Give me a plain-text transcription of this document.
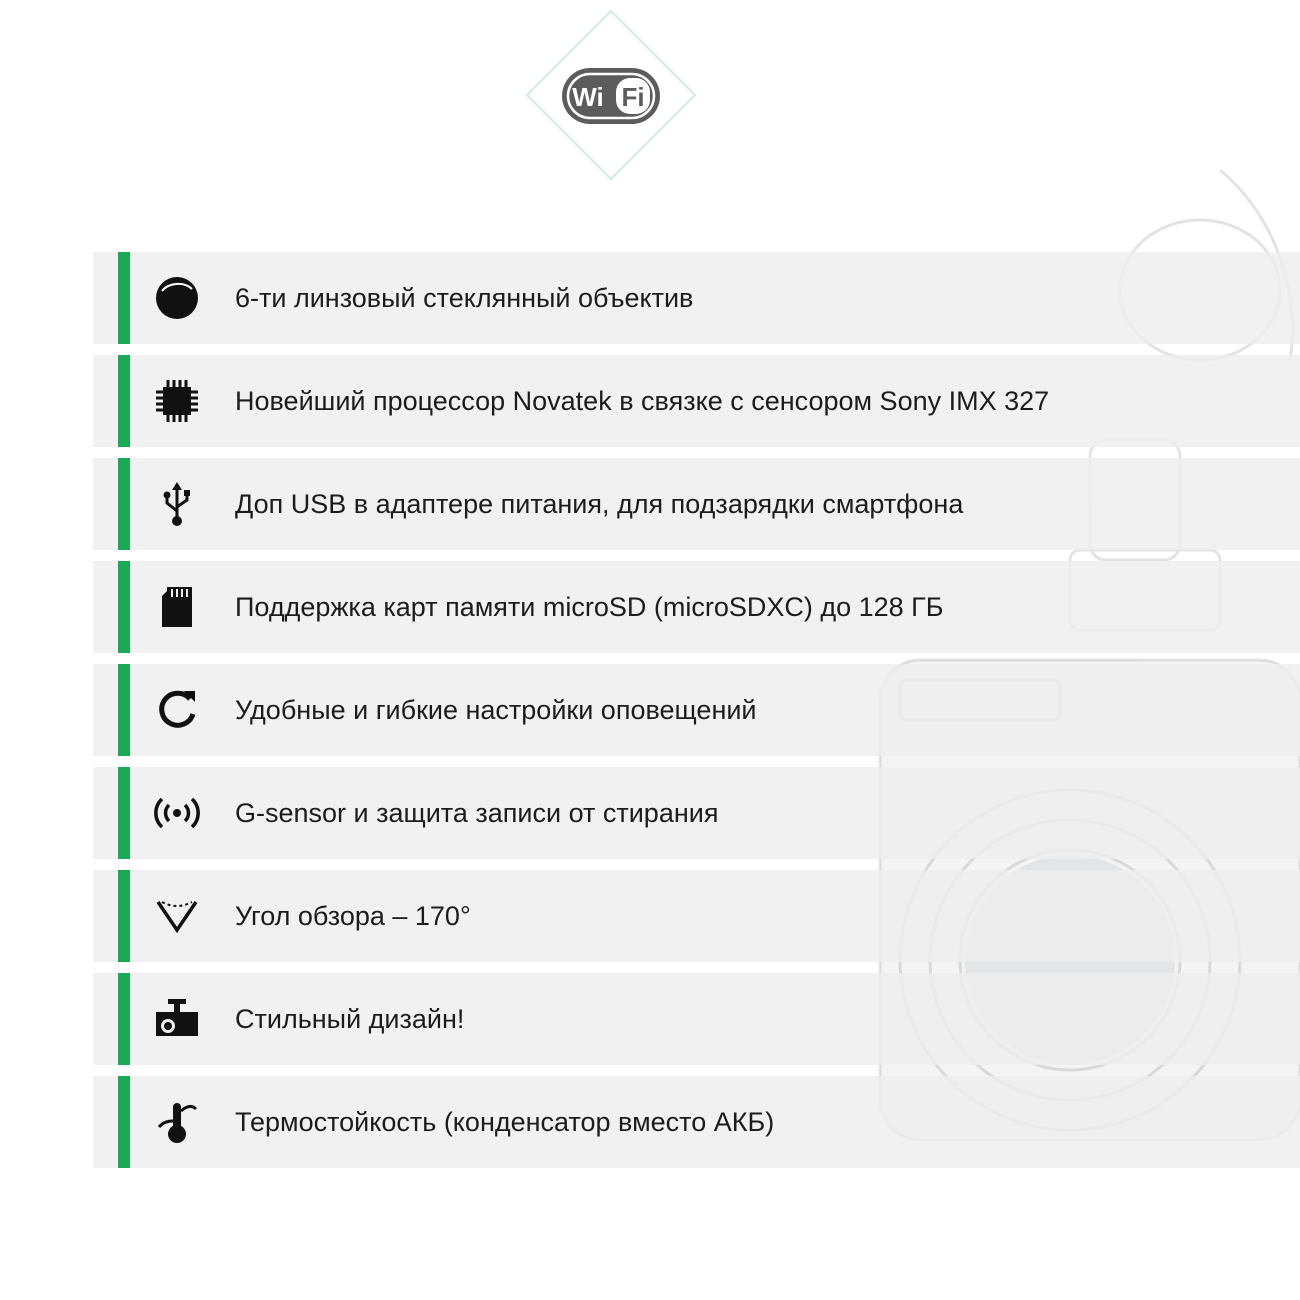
Wi Fi
6-ти линзовый стеклянный объектив
Новейший процессор Novatek в связке с сенсором Sony IMX 327
Доп USB в адаптере питания, для подзарядки смартфона
Поддержка карт памяти microSD (microSDXC) до 128 ГБ
Удобные и гибкие настройки оповещений
G-sensor и защита записи от стирания
Угол обзора – 170°
Стильный дизайн!
Термостойкость (конденсатор вместо АКБ)
